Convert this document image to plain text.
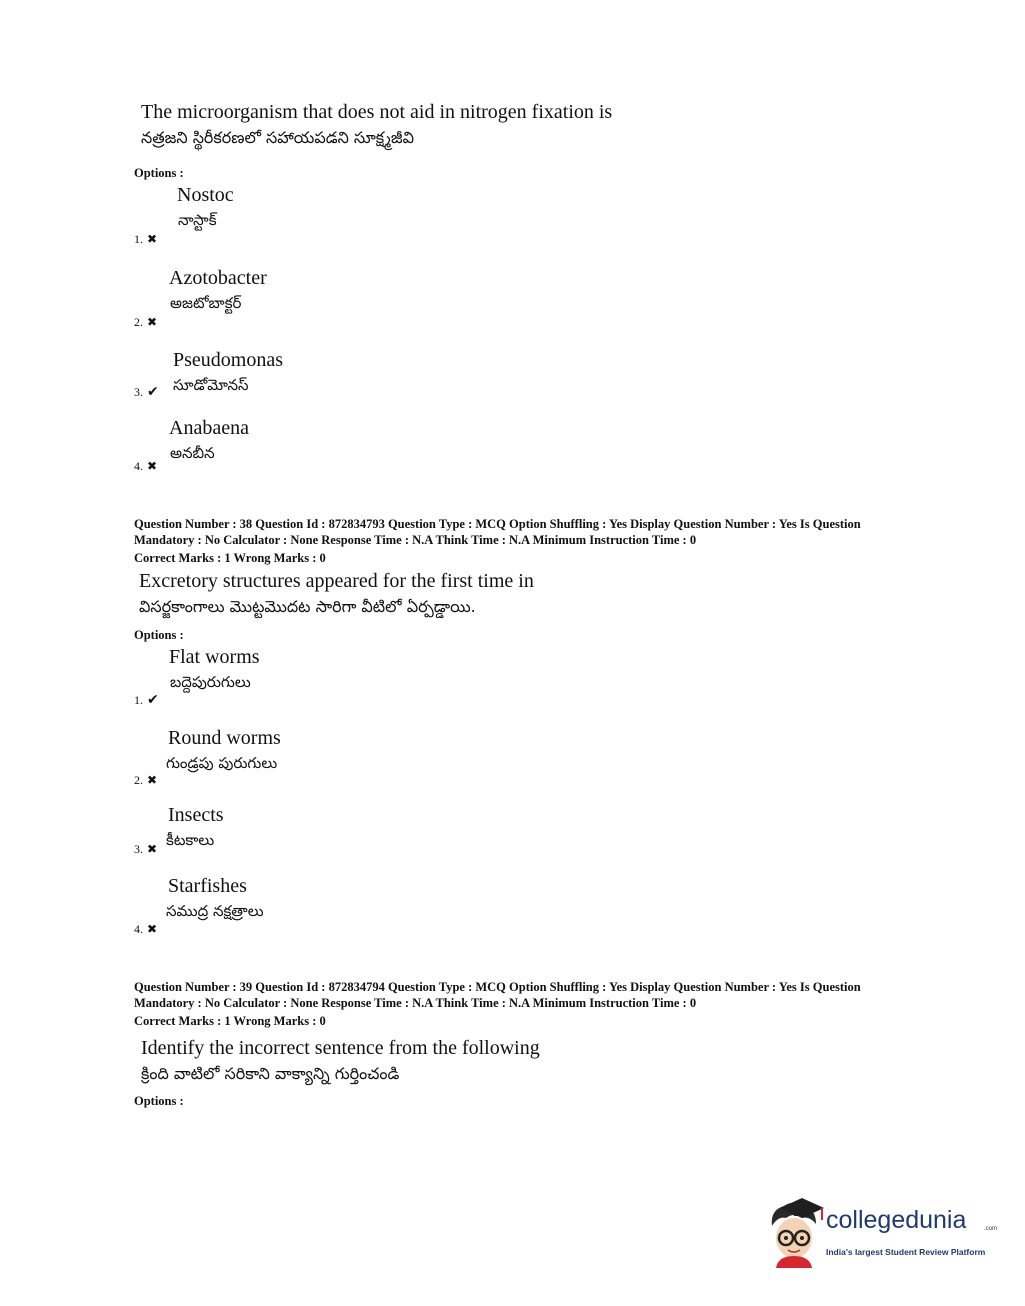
The microorganism that does not aid in nitrogen fixation is
నత్రజని స్థిరీకరణలో సహాయపడని సూక్ష్మజీవి
Options :
Nostoc
నాస్టాక్
1. ✖
Azotobacter
అజటోబాక్టర్
2. ✖
Pseudomonas
సూడోమోనస్
3. ✔
Anabaena
అనబీన
4. ✖
Question Number : 38 Question Id : 872834793 Question Type : MCQ Option Shuffling : Yes Display Question Number : Yes Is Question Mandatory : No Calculator : None Response Time : N.A Think Time : N.A Minimum Instruction Time : 0
Correct Marks : 1 Wrong Marks : 0
Excretory structures appeared for the first time in
విసర్జకాంగాలు మొట్టమొదట సారిగా వీటిలో ఏర్పడ్డాయి.
Options :
Flat worms
బద్దెపురుగులు
1. ✔
Round worms
గుండ్రపు పురుగులు
2. ✖
Insects
కీటకాలు
3. ✖
Starfishes
సముద్ర నక్షత్రాలు
4. ✖
Question Number : 39 Question Id : 872834794 Question Type : MCQ Option Shuffling : Yes Display Question Number : Yes Is Question Mandatory : No Calculator : None Response Time : N.A Think Time : N.A Minimum Instruction Time : 0
Correct Marks : 1 Wrong Marks : 0
Identify the incorrect sentence from the following
క్రింది వాటిలో సరికాని వాక్యాన్ని గుర్తించండి
Options :
collegedunia	.com
India's largest Student Review Platform
